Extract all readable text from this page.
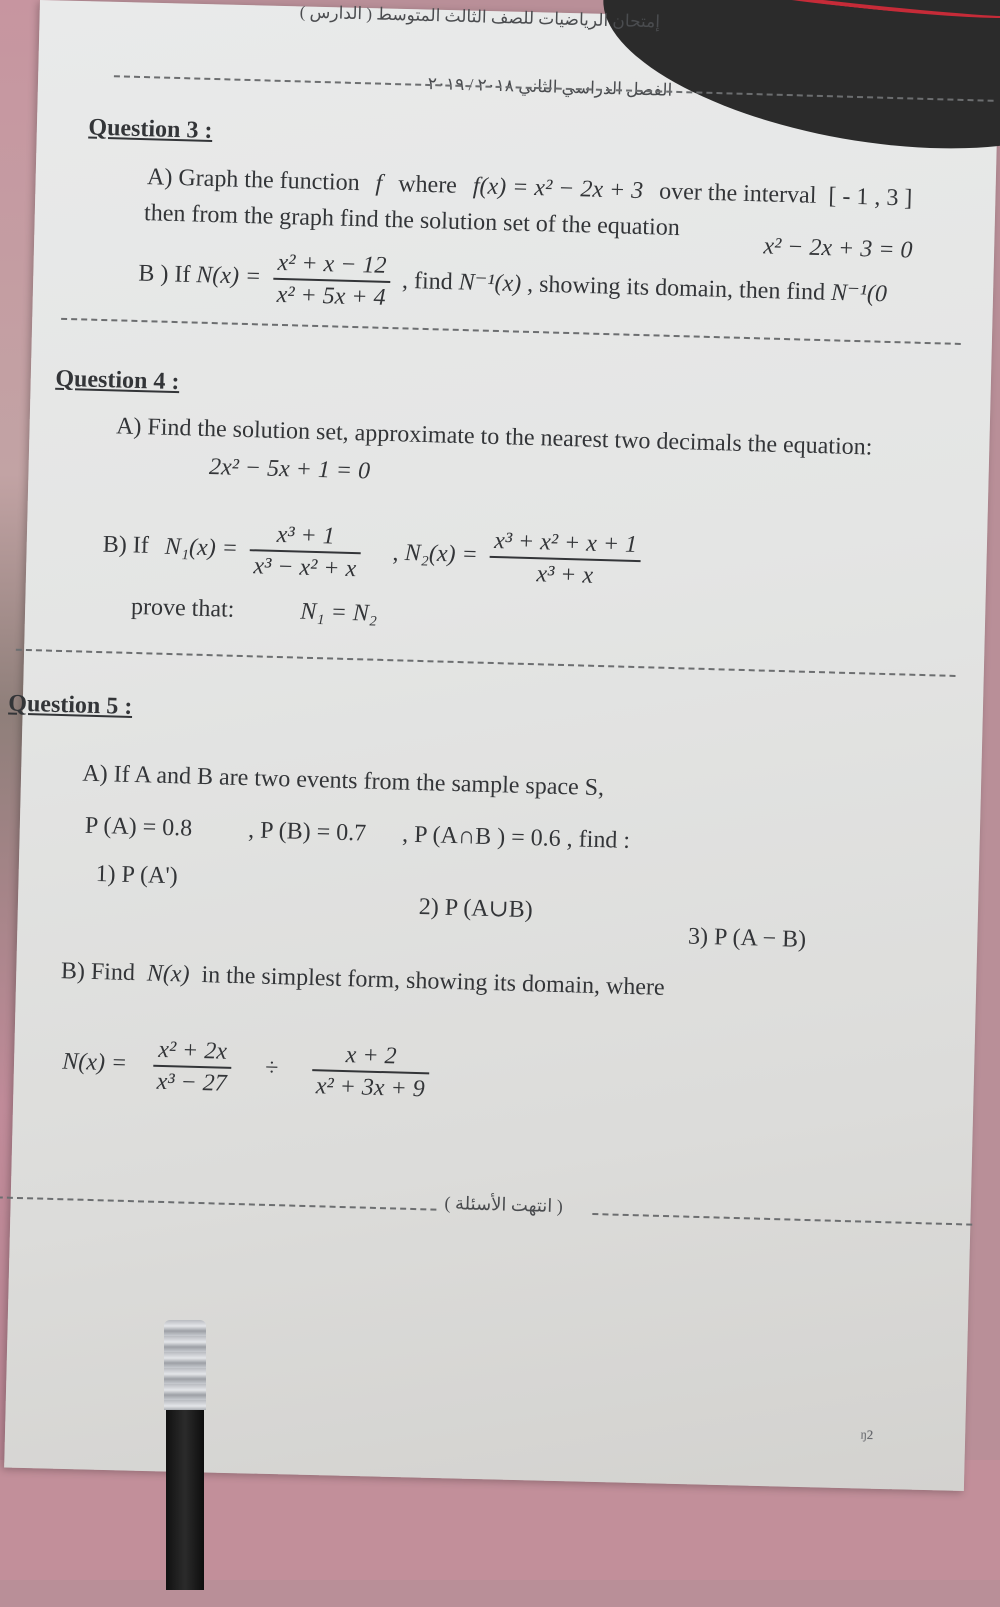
إمتحان الرياضيات للصف الثالث المتوسط ( الدارس )
الفصل الدراسي الثاني ٢٠١٨ / ٢٠١٩
Question 3 :
A) Graph the function f where f(x) = x² − 2x + 3 over the interval [ - 1 , 3 ]
then from the graph find the solution set of the equation
x² − 2x + 3 = 0
B ) If $N(x) = \frac{\text{x² + x − 12}}{\text{x² + 5x + 4}}$ , find N⁻¹(x) , showing its domain, then find N⁻¹(0
Question 4 :
A) Find the solution set, approximate to the nearest two decimals the equation:
2x² − 5x + 1 = 0
B) If $N_1(x) = \frac{\text{x³ + 1}}{\text{x³ − x² + x}}$ , $N_2(x) = \frac{\text{x³ + x² + x + 1}}{\text{x³ + x}}$
prove that:	N₁ = N₂
Question 5 :
A) If A and B are two events from the sample space S,
P (A) = 0.8 , P (B) = 0.7 , P (A∩B ) = 0.6 , find :
1) P (A')
2) P (A∪B)
3) P (A − B)
B) Find N(x) in the simplest form, showing its domain, where
$N(x) = \frac{\text{x² + 2x}}{\text{x³ − 27}} \div \frac{x + 2}{\text{x² + 3x + 9}}$
( انتهت الأسئلة )
ᵑ²
